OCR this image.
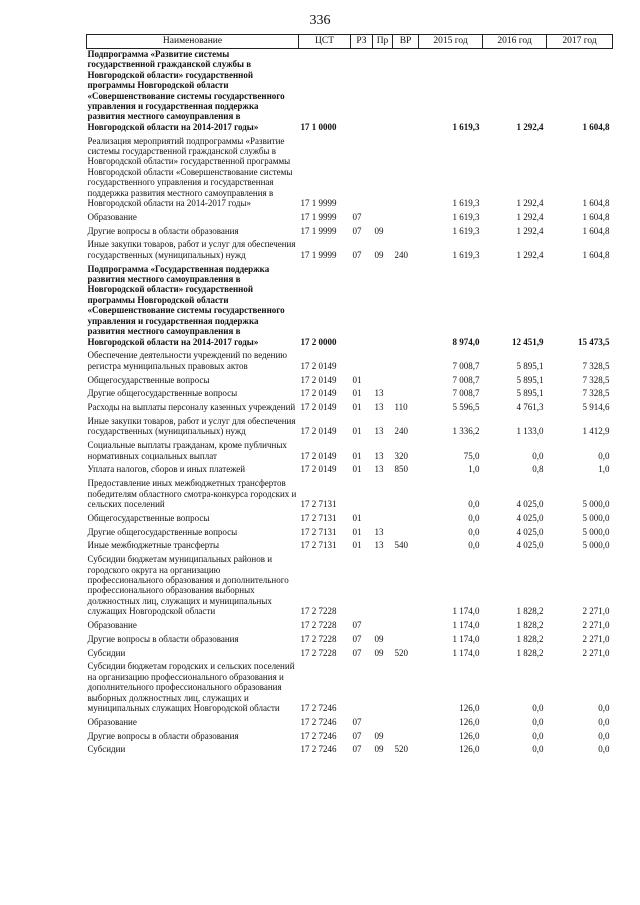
336
Наименование	ЦСТ	РЗ	Пр	ВР	2015 год	2016 год	2017 год
Подпрограмма «Развитие системы государственной гражданской службы в Новгородской области» государственной программы Новгородской области «Совершенствование системы государственного управления и государственная поддержка развития местного самоуправления в Новгородской области на 2014-2017 годы»	17 1 0000				1 619,3	1 292,4	1 604,8
Реализация мероприятий подпрограммы «Развитие системы государственной гражданской службы в Новгородской области» государственной программы Новгородской области «Совершенствование системы государственного управления и государственная поддержка развития местного самоуправления в Новгородской области на 2014-2017 годы»	17 1 9999				1 619,3	1 292,4	1 604,8
Образование	17 1 9999	07			1 619,3	1 292,4	1 604,8
Другие вопросы в области образования	17 1 9999	07	09		1 619,3	1 292,4	1 604,8
Иные закупки товаров, работ и услуг для обеспечения государственных (муниципальных) нужд	17 1 9999	07	09	240	1 619,3	1 292,4	1 604,8
Подпрограмма «Государственная поддержка развития местного самоуправления в Новгородской области» государственной программы Новгородской области «Совершенствование системы государственного управления и государственная поддержка развития местного самоуправления в Новгородской области на 2014-2017 годы»	17 2 0000				8 974,0	12 451,9	15 473,5
Обеспечение деятельности учреждений по ведению регистра муниципальных правовых актов	17 2 0149				7 008,7	5 895,1	7 328,5
Общегосударственные вопросы	17 2 0149	01			7 008,7	5 895,1	7 328,5
Другие общегосударственные вопросы	17 2 0149	01	13		7 008,7	5 895,1	7 328,5
Расходы на выплаты персоналу казенных учреждений	17 2 0149	01	13	110	5 596,5	4 761,3	5 914,6
Иные закупки товаров, работ и услуг для обеспечения государственных (муниципальных) нужд	17 2 0149	01	13	240	1 336,2	1 133,0	1 412,9
Социальные выплаты гражданам, кроме публичных нормативных социальных выплат	17 2 0149	01	13	320	75,0	0,0	0,0
Уплата налогов, сборов и иных платежей	17 2 0149	01	13	850	1,0	0,8	1,0
Предоставление иных межбюджетных трансфертов победителям областного смотра-конкурса городских и сельских поселений	17 2 7131				0,0	4 025,0	5 000,0
Общегосударственные вопросы	17 2 7131	01			0,0	4 025,0	5 000,0
Другие общегосударственные вопросы	17 2 7131	01	13		0,0	4 025,0	5 000,0
Иные межбюджетные трансферты	17 2 7131	01	13	540	0,0	4 025,0	5 000,0
Субсидии бюджетам муниципальных районов и городского округа на организацию профессионального образования и дополнительного профессионального образования выборных должностных лиц, служащих и муниципальных служащих Новгородской области	17 2 7228				1 174,0	1 828,2	2 271,0
Образование	17 2 7228	07			1 174,0	1 828,2	2 271,0
Другие вопросы в области образования	17 2 7228	07	09		1 174,0	1 828,2	2 271,0
Субсидии	17 2 7228	07	09	520	1 174,0	1 828,2	2 271,0
Субсидии бюджетам городских и сельских поселений на организацию профессионального образования и дополнительного профессионального образования выборных должностных лиц, служащих и муниципальных служащих Новгородской области	17 2 7246				126,0	0,0	0,0
Образование	17 2 7246	07			126,0	0,0	0,0
Другие вопросы в области образования	17 2 7246	07	09		126,0	0,0	0,0
Субсидии	17 2 7246	07	09	520	126,0	0,0	0,0
